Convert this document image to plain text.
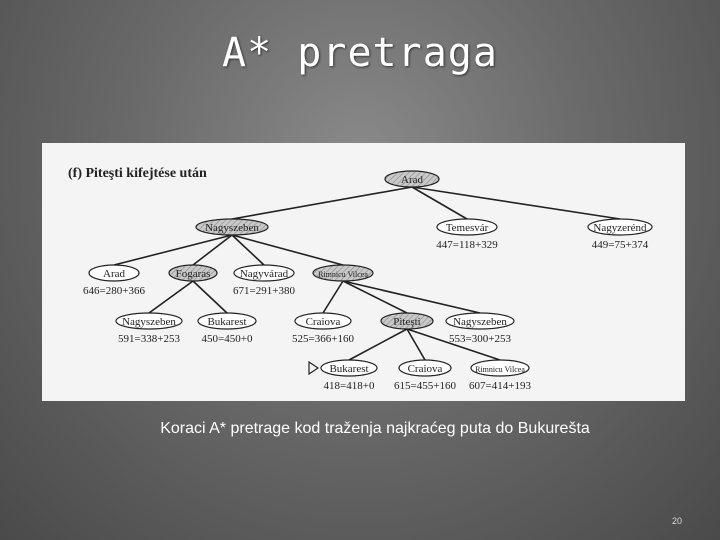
A* pretraga
(f) Piteşti kifejtése után	Arad
Nagyszeben	Temesvár
447=118+329
Nagyzerénd
449=75+374
Arad
646=280+366
Fogaras	Nagyvárad
671=291+380
Rimnicu Vilcea
Nagyszeben
591=338+253
Bukarest
450=450+0
Craiova
525=366+160
Piteşti	Nagyszeben
553=300+253
Bukarest
418=418+0
Craiova
615=455+160
Rimnicu Vilcea
607=414+193
Koraci A* pretrage kod traženja najkraćeg puta do Bukurešta
20
